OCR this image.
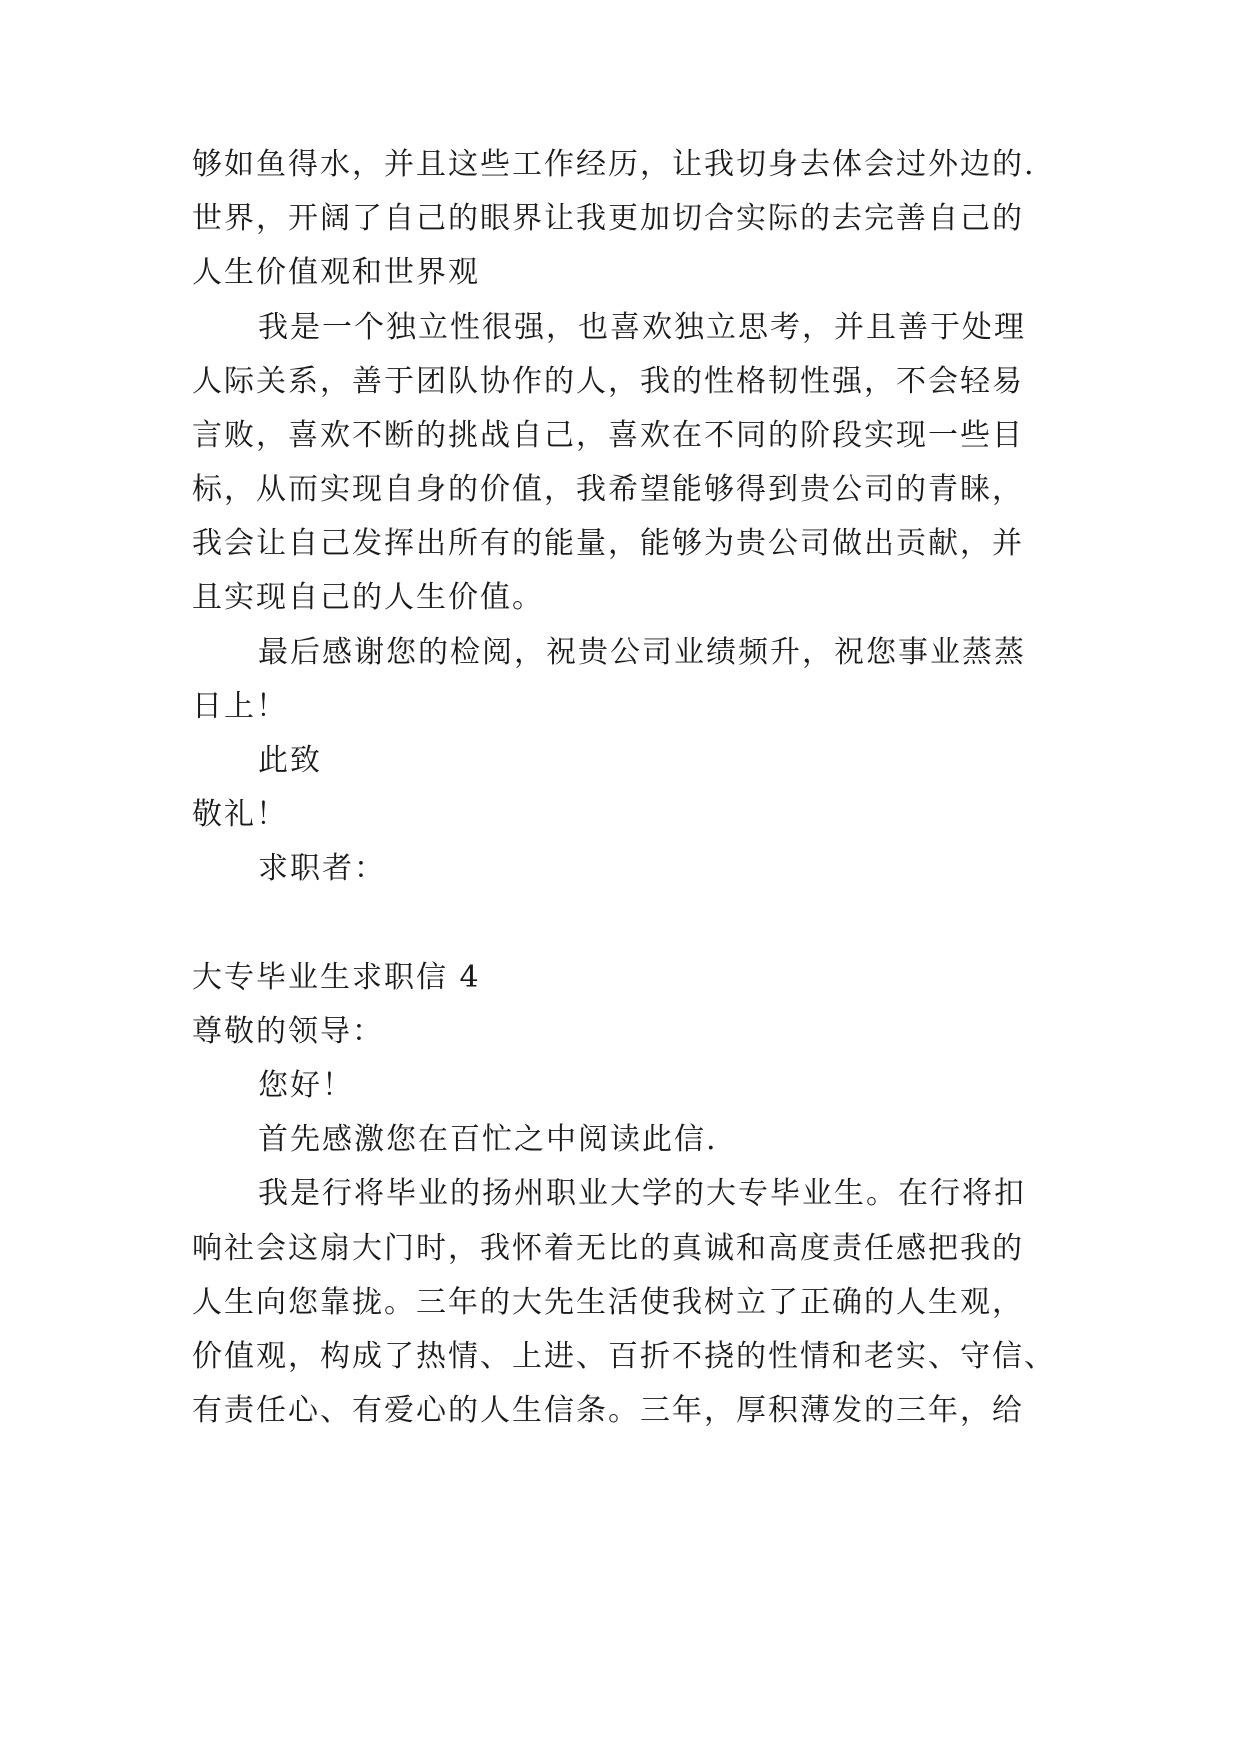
够如鱼得水，并且这些工作经历，让我切身去体会过外边的.
世界，开阔了自己的眼界让我更加切合实际的去完善自己的
人生价值观和世界观
我是一个独立性很强，也喜欢独立思考，并且善于处理
人际关系，善于团队协作的人，我的性格韧性强，不会轻易
言败，喜欢不断的挑战自己，喜欢在不同的阶段实现一些目
标，从而实现自身的价值，我希望能够得到贵公司的青睐，
我会让自己发挥出所有的能量，能够为贵公司做出贡献，并
且实现自己的人生价值。
最后感谢您的检阅，祝贵公司业绩频升，祝您事业蒸蒸
日上！
此致
敬礼！
求职者：
大专毕业生求职信 4
尊敬的领导：
您好！
首先感激您在百忙之中阅读此信.
我是行将毕业的扬州职业大学的大专毕业生。在行将扣
响社会这扇大门时，我怀着无比的真诚和高度责任感把我的
人生向您靠拢。三年的大先生活使我树立了正确的人生观，
价值观，构成了热情、上进、百折不挠的性情和老实、守信、
有责任心、有爱心的人生信条。三年，厚积薄发的三年，给
